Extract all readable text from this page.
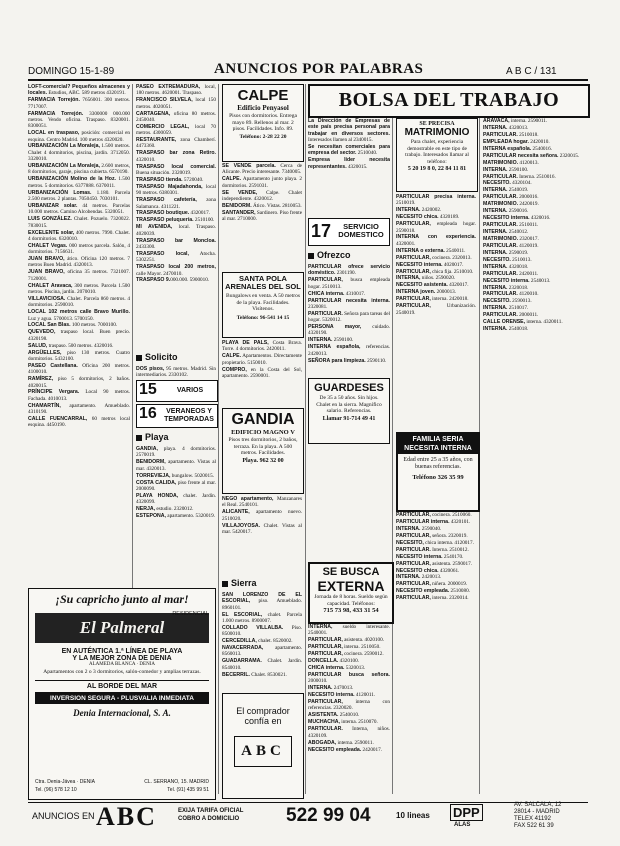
DOMINGO 15-1-89	ANUNCIOS POR PALABRAS	A B C / 131

LOFT-comercial? Pequeños almacenes y locales. Estudios, ABC. 589 metros 4320191.

FARMACIA Torrejón. 7656001. 300 metros. 7717007.

FARMACIA Torrejón. 3300000 000.000 metros. Vendo oficina. Traspaso. 8320001. 8300051.

LOCAL en traspaso, posición: comercial en esquina. Centro Madrid. 100 metros 4320020.

URBANIZACIÓN La Moraleja, 1.500 metros. Chalet 4 dormitorios, piscina, jardín. 3712050. 3320010.

URBANIZACIÓN La Moraleja, 2.600 metros, 8 dormitorios, garaje, piscina cubierta. 6570190.

URBANIZACIÓN Molino de la Hoz. 1.500 metros. 5 dormitorios. 6377888. 6370011.

URBANIZACIÓN Lomas. 1.180. Parcela 2.500 metros. 2 plantas. 7050450. 7030101.

URBANIZAR solar. 44 metros. Parcelas 10.000 metros. Camino Alcobendas. 5320051.

LUIS GONZÁLEZ. Chalet. Pozuelo. 7320022. 7830015.

EXCELENTE solar, 400 metros. 7990. Chalet. 4 dormitorios. 6320010.

CHALET Vegas. 000 metros parcela. Salón, 4 dormitorios. 7156631.

JUAN BRAVO, ático. Oficina 120 metros. 7 metros Buen Madrid. 4320013.

JUAN BRAVO, oficina 35 metros. 7321007. 7120001.

CHALET Aravaca, 300 metros. Parcela 1.500 metros. Piscina, jardín. 2070010.

VILLAVICIOSA. Chalet. Parcela 860 metros. 4 dormitorios. 2590010.

LOCAL 102 metros calle Bravo Murillo. Luz y agua. 5700013. 5700150.

LOCAL San Blas. 100 metros. 7000100.

QUEVEDO, traspaso local. Buen precio. 4320198.

SALUD, traspaso. 500 metros. 4320016.

ARGÜELLES, piso 130 metros. Cuatro dormitorios. 5432100.

PASEO Castellana. Oficina 200 metros. 4100010.

RAMÍREZ, piso 5 dormitorios, 2 baños. 4020015.

PRÍNCIPE Vergara. Local 90 metros. Fachada. 4010013.

CHAMARTÍN, apartamento. Amueblado. 4310190.

CALLE FUENCARRAL, 60 metros local esquina. 4450190.

PASEO EXTREMADURA, local, 180 metros. 4620001. Traspaso.

FRANCISCO SILVELA, local 150 metros. 4020051.

CARTAGENA, oficina 80 metros. 2450040.

COMERCIO LEGAL, local 70 metros. 4300059.

RESTAURANTE, zona Chamberí. 4473360.

TRASPASO bar zona Retiro. 4320010.

TRASPASO local comercial. Buena situación. 2320019.

TRASPASO tienda. 5720040.

TRASPASO Majadahonda, local 90 metros. 6380301.

TRASPASO cafetería, zona Salamanca. 4311221.

TRASPASO boutique. 4320017.

TRASPASO peluquería. 2510100.

MI AVENIDA, local. Traspaso. 4020039.

TRASPASO bar Moncloa. 2433300.

TRASPASO local, Atocha. 5302251.

TRASPASO local 200 metros, calle Mayor. 2470010.

TRASPASO 9.000.000. 5900010.

Solicito

DOS pisos, 95 metros. Madrid. Sin intermediarios. 2330102.

15	VARIOS
16	VERANEOS Y TEMPORADAS
Playa

GANDIA, playa. 4 dormitorios. 2570019.

BENIDORM, apartamento. Vistas al mar. 4320013.

TORREVIEJA, bungalow. 5020015.

COSTA CALIDA, piso frente al mar. 2000090.

PLAYA HONDA, chalet. Jardín. 4320099.

NERJA, estudio. 2320012.

ESTEPONA, apartamento. 5320019.

CALPE
Edificio Penyasol
Pisos con dormitorios. Entrega mayo 89. Rellenos al mar. 2 pisos. Facilidades. Info. 89.
Teléfono: 2-28 22 20

SE VENDE parcela. Cerca de Alicante. Precio interesante. 7340005.

CALPE. Apartamento junto playa. 2 dormitorios. 2591031.

SE VENDE, Calpe. Chalet independiente. 4320012.

BENIDORM. Ático. Vistas. 2810053.

SANTANDER, Sardinero. Piso frente al mar. 2710000.

SANTA POLA ARENALES DEL SOL
Bungalows en venta. A 50 metros de la playa. Facilidades. Visítenos.
Teléfono: 96-541 14 15

PLAYA DE PALS, Costa Brava. Torre. 4 dormitorios. 2420011.

CALPE. Apartamentos. Directamente propietario. 5150010.

COMPRO, en la Costa del Sol, apartamento. 2590001.

GANDIA
EDIFICIO MAGNO V
Pisos tres dormitorios, 2 baños, terraza. En la playa. A 500 metros. Facilidades.
Playa. 962 32 00

NEGO apartamento, Manzanares el Real. 2540101.

ALICANTE, apartamento nuevo. 2510020.

VILLAJOYOSA. Chalet. Vistas al mar. 5420017.

Sierra

SAN LORENZO DE EL ESCORIAL, piso. Amueblado. 8960101.

EL ESCORIAL, chalet. Parcela 1.000 metros. 8900007.

COLLADO VILLALBA. Piso. 8500010.

CERCEDILLA, chalet. 8520002.

NAVACERRADA, apartamento. 8560013.

GUADARRAMA. Chalet. Jardín. 8540010.

BECERRIL. Chalet. 8530021.

El comprador
confía en
ABC
BOLSA DEL TRABAJO

La Dirección de Empresas de este país precisa personal para trabajar en diversos sectores. Interesados llamen al 2340015.

Se necesitan comerciales para empresa del sector. 2510040.

Empresa líder necesita representantes. 4320015.

17	SERVICIO DOMESTICO
Ofrezco

PARTICULAR ofrece servicio doméstico. 2301190.

PARTICULAR, busca empleada hogar. 2510013.

CHICA interna. 4310017.

PARTICULAR necesita interna. 2320081.

PARTICULAR. Señora para tareas del hogar. 5320012.

PERSONA mayor, cuidado. 4320190.

INTERNA. 2590100.

INTERNA española, referencias. 2420013.

SEÑORA para limpieza. 2590110.

GUARDESES
De 35 a 50 años. Sin hijos. Chalet en la sierra. Magnífico salario. Referencias.
Llamar 91-714 49 41
SE BUSCA
EXTERNA
Jornada de 8 horas. Sueldo según capacidad. Teléfonos:
715 73 98, 433 31 54

INTERNA, sueldo interesante. 2540001.

PARTICULAR, asistenta. 4020100.

PARTICULAR, interna. 2510050.

PARTICULAR, cocinera. 2590012.

DONCELLA. 4320100.

CHICA interna. 5320013.

PARTICULAR busca señora. 2000010.

INTERNA. 2470013.

NECESITO interna. 4120011.

PARTICULAR, interna con referencias. 2320020.

ASISTENTA. 2540010.

MUCHACHA, interna. 2510070.

PARTICULAR. Interna, niños. 4320109.

ABOGADA, interna. 2590011.

NECESITO empleada. 2420017.

SE PRECISA
MATRIMONIO
Para chalet, experiencia demostrable en este tipo de trabajo. Interesados llamar al teléfono:
5 20 19 8 0, 22 84 11 81

PARTICULAR precisa interna. 2510019.

INTERNA. 2420002.

NECESITO chica. 4320189.

PARTICULAR, empleada hogar. 2590018.

INTERNA con experiencia. 4320001.

INTERNA o externa. 2540011.

PARTICULAR, cocinera. 2320013.

NECESITO interna. 4020017.

PARTICULAR, chica fija. 2510010.

INTERNA, niños. 2590020.

NECESITO asistenta. 4320017.

INTERNA joven. 2000013.

PARTICULAR, interna. 2420018.

PARTICULAR, Urbanización. 2540019.

FAMILIA SERIA
NECESITA INTERNA
Edad entre 25 a 35 años, con buenas referencias.
Teléfono 326 35 99

PARTICULAR, cocinera. 2510060.

PARTICULAR interna. 4320101.

INTERNA. 2590040.

PARTICULAR, señora. 2320019.

NECESITO, chica interna. 4120017.

PARTICULAR. Interna. 2510012.

NECESITO interna. 2540170.

PARTICULAR, asistenta. 2590017.

NECESITO chica. 4320061.

INTERNA. 2420013.

PARTICULAR, niñera. 2000019.

NECESITO empleada. 2510080.

PARTICULAR, interna. 2320014.

ARAVACA, interna. 2590011.

INTERNA. 4320013.

PARTICULAR. 2510018.

EMPLEADA hogar. 2420010.

INTERNA española. 2540016.

PARTICULAR necesita señora. 2320015.

MATRIMONIO. 4120013.

INTERNA. 2590100.

PARTICULAR. Interna. 2510016.

NECESITO. 4320104.

INTERNA. 2540019.

PARTICULAR. 2000016.

MATRIMONIO. 2420019.

INTERNA. 2590016.

NECESITO interna. 4320016.

PARTICULAR. 2510011.

INTERNA. 2540012.

MATRIMONIO. 2320017.

PARTICULAR. 4120019.

INTERNA. 2590019.

NECESITO. 2510013.

INTERNA. 4320018.

PARTICULAR. 2420011.

NECESITO interna. 2540013.

INTERNA. 2320018.

PARTICULAR. 4120010.

NECESITO. 2590013.

INTERNA. 2510017.

PARTICULAR. 2000011.

CALLE ORENSE, interna. 4320011.

INTERNA. 2540018.

¡Su capricho junto al mar!
RESIDENCIAL
El Palmeral
EN AUTÉNTICA 1.ª LÍNEA DE PLAYA
Y LA MEJOR ZONA DE DENIA
ALAMEDA BLANCA · DENIA
Apartamentos con 2 o 3 dormitorios, salón-comedor y amplias terrazas.
AL BORDE DEL MAR
INVERSION SEGURA - PLUSVALIA INMEDIATA
Denia Internacional, S. A.
Ctra. Denia-Jávea · DENIA
Tel. (96) 578 12 10
CL. SERRANO, 15. MADRID
Tel. (91) 435 99 51
ANUNCIOS EN ABC	EXIJA TARIFA OFICIAL
COBRO A DOMICILIO 522 99 04	10 lineas DPP
ALAS
AV. SALCALA, 12
28014 - MADRID
TELEX 41192
FAX 522 61 39
